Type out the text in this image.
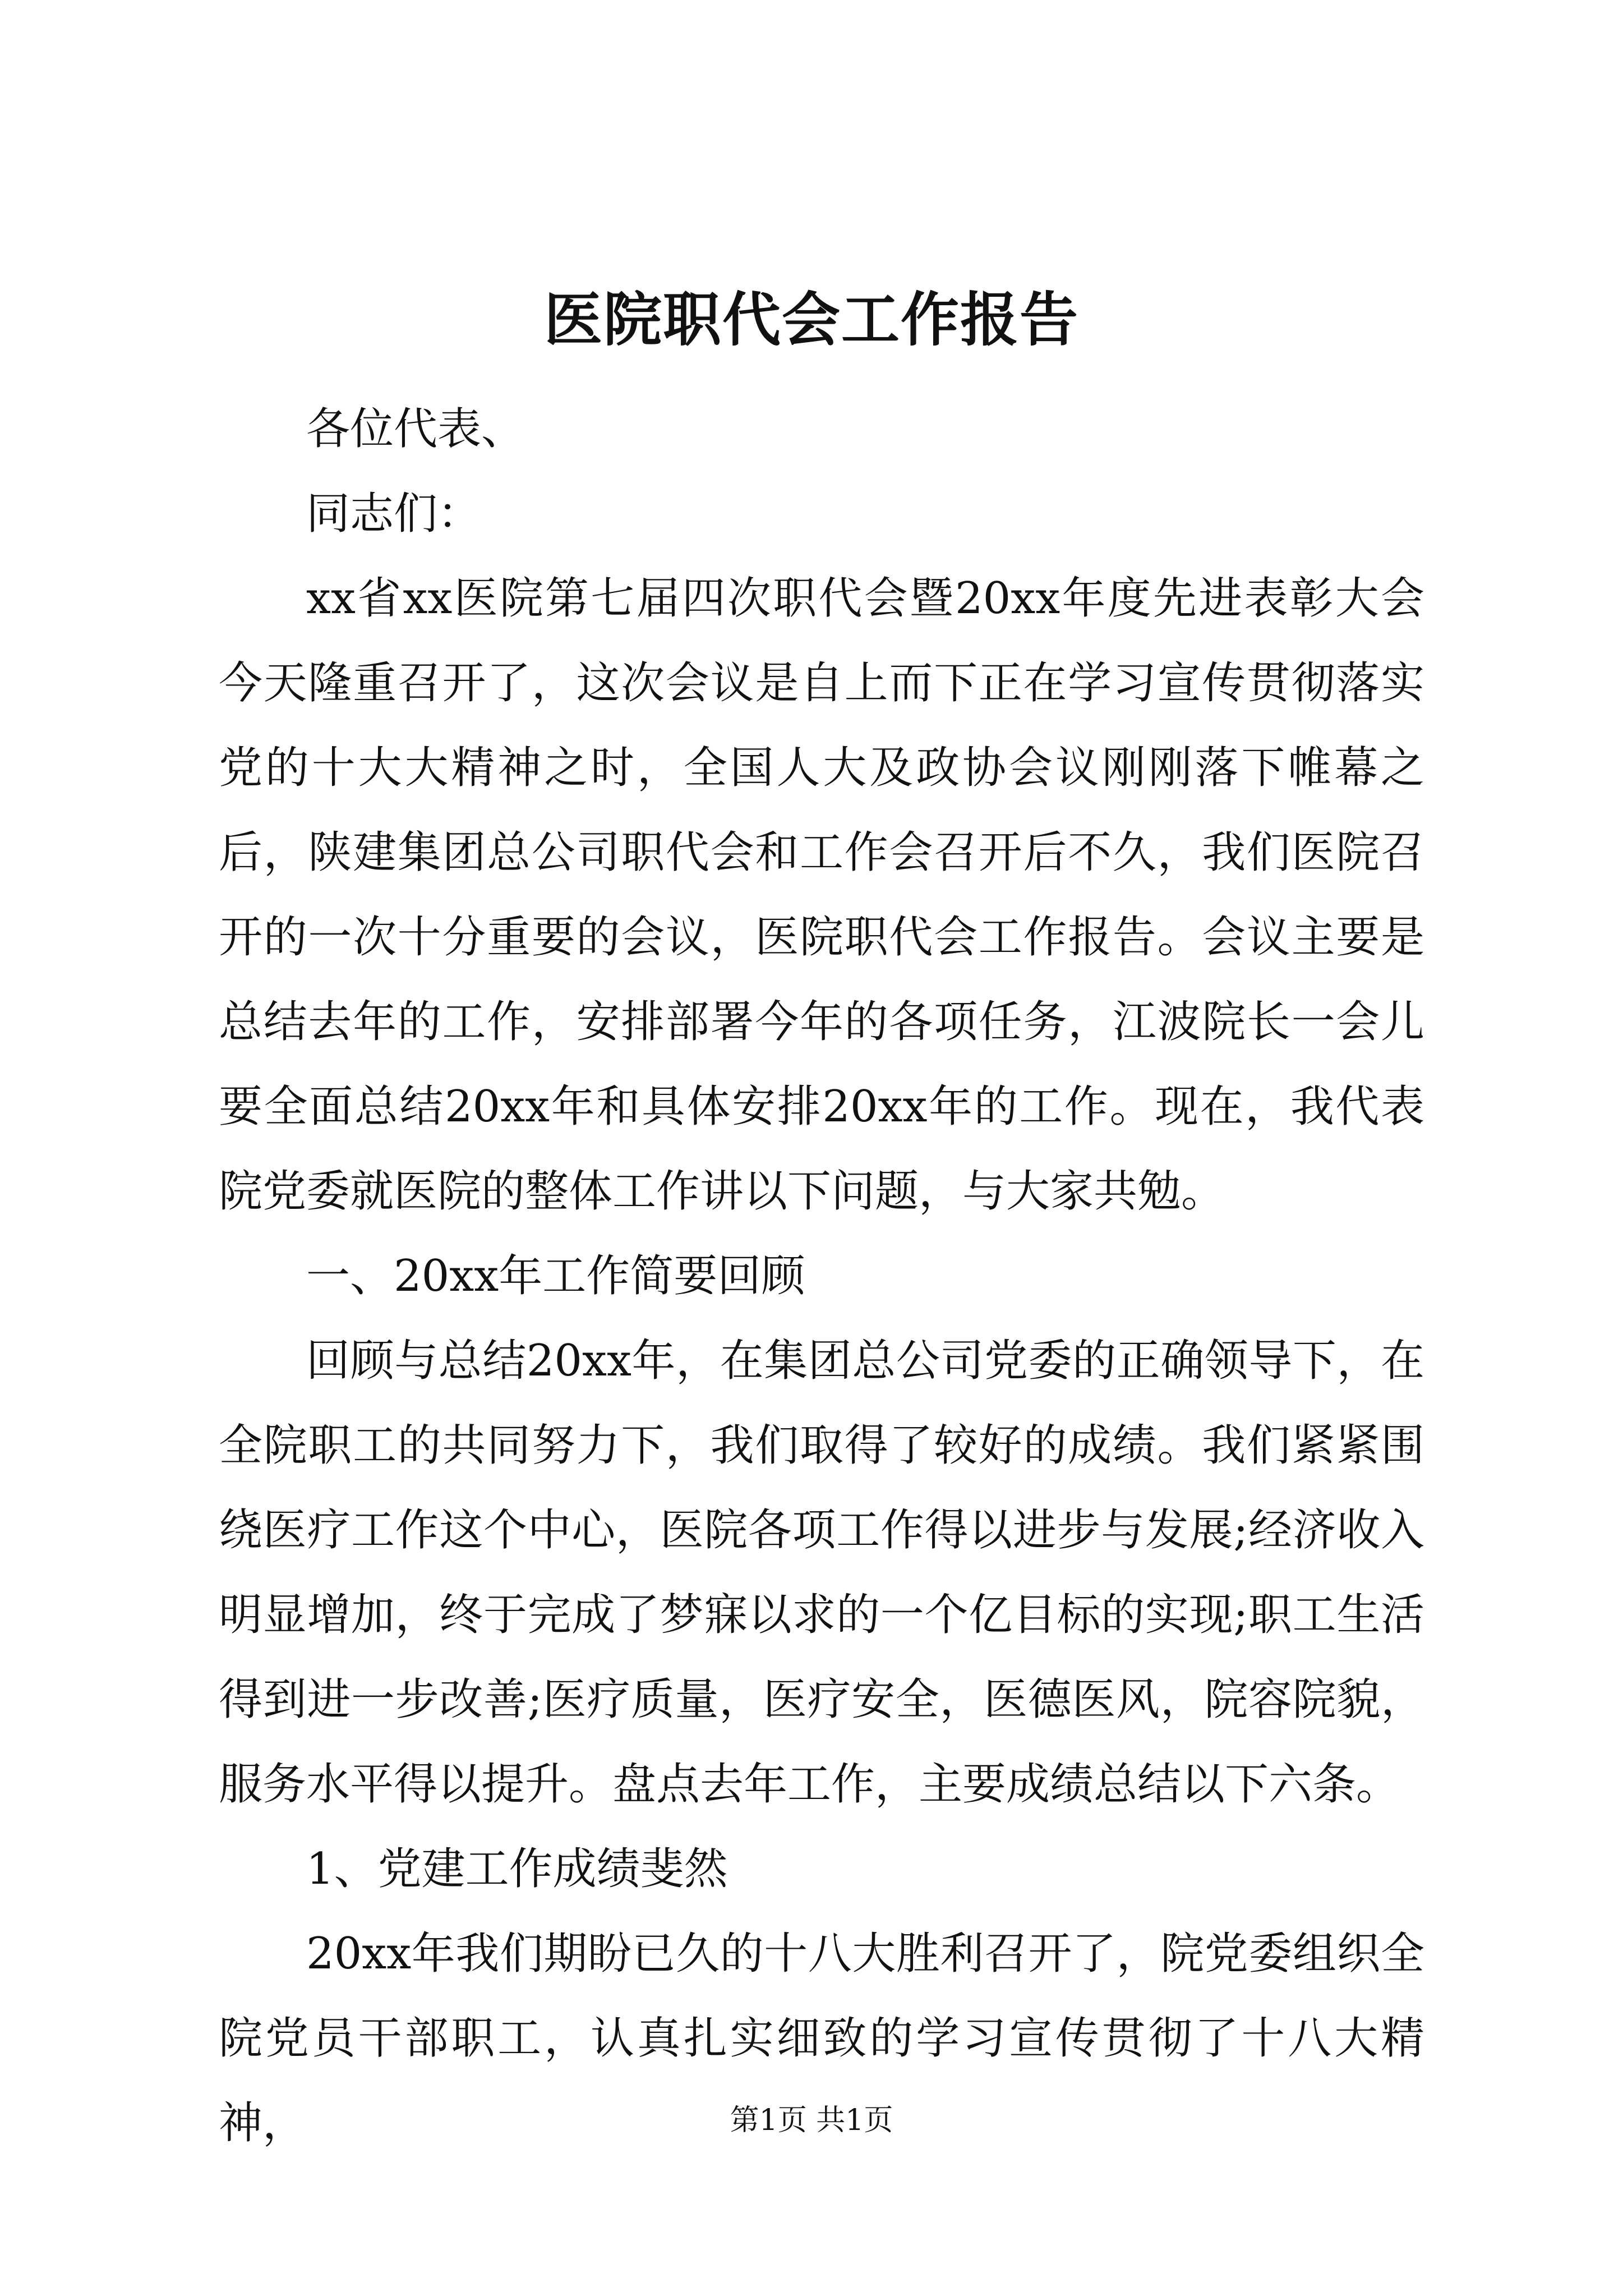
医院职代会工作报告

各位代表、

同志们：

xx省xx医院第七届四次职代会暨20xx年度先进表彰大会今天隆重召开了，这次会议是自上而下正在学习宣传贯彻落实党的十大大精神之时，全国人大及政协会议刚刚落下帷幕之后，陕建集团总公司职代会和工作会召开后不久，我们医院召开的一次十分重要的会议，医院职代会工作报告。会议主要是总结去年的工作，安排部署今年的各项任务，江波院长一会儿要全面总结20xx年和具体安排20xx年的工作。现在，我代表院党委就医院的整体工作讲以下问题，与大家共勉。

一、20xx年工作简要回顾

回顾与总结20xx年，在集团总公司党委的正确领导下，在全院职工的共同努力下，我们取得了较好的成绩。我们紧紧围绕医疗工作这个中心，医院各项工作得以进步与发展;经济收入明显增加，终于完成了梦寐以求的一个亿目标的实现;职工生活得到进一步改善;医疗质量，医疗安全，医德医风，院容院貌，服务水平得以提升。盘点去年工作，主要成绩总结以下六条。

1、党建工作成绩斐然

20xx年我们期盼已久的十八大胜利召开了，院党委组织全院党员干部职工，认真扎实细致的学习宣传贯彻了十八大精神，	第1页 共1页
